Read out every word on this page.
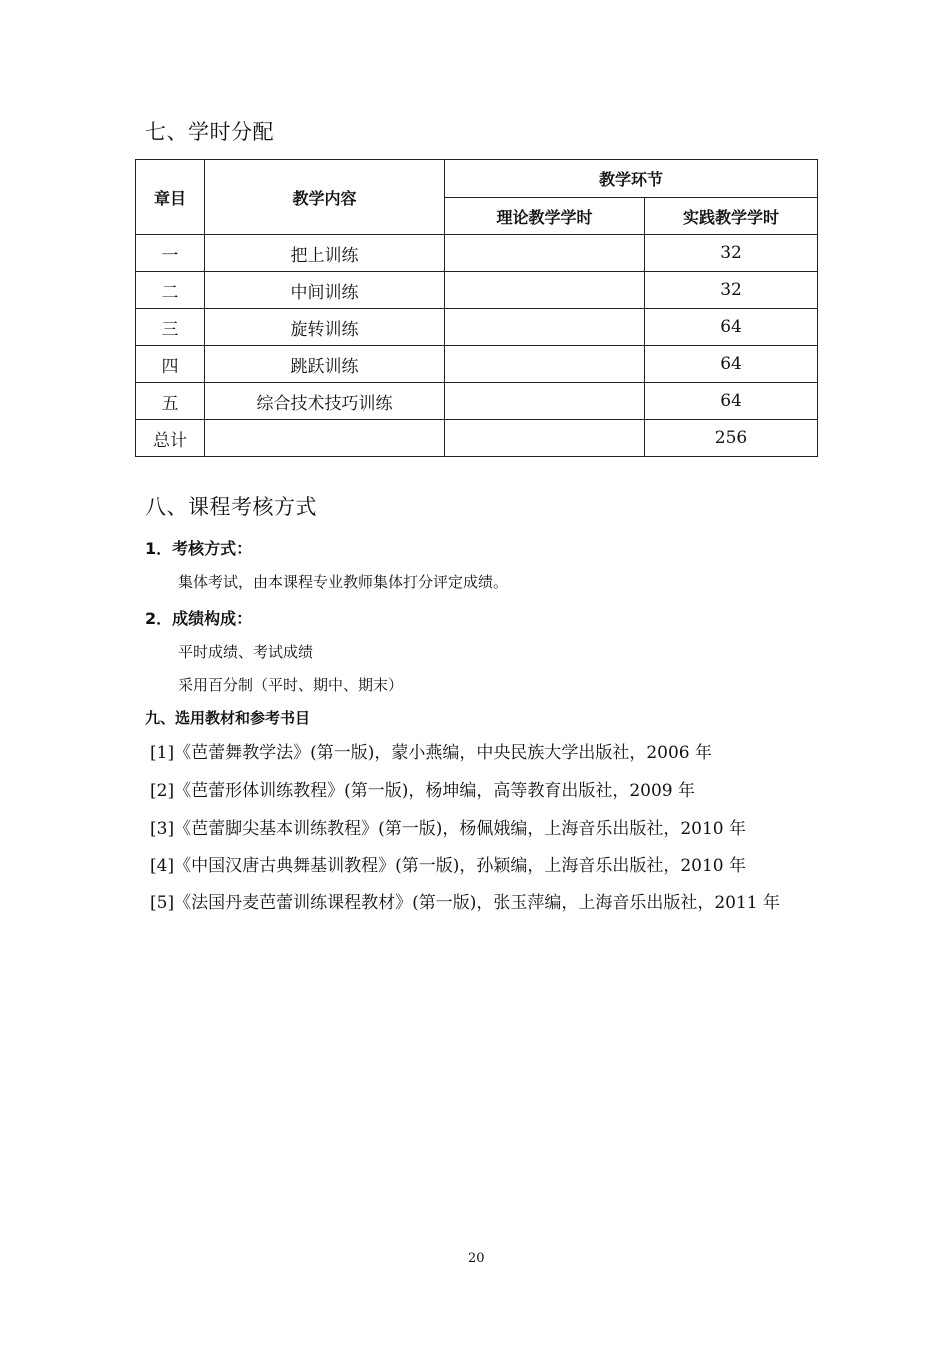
七、学时分配
章目	教学内容	教学环节	
		理论教学学时	实践教学学时
一	把上训练		32
二	中间训练		32
三	旋转训练		64
四	跳跃训练		64
五	综合技术技巧训练		64
总计			256
八、课程考核方式
1．考核方式：
集体考试，由本课程专业教师集体打分评定成绩。
2．成绩构成：
平时成绩、考试成绩
采用百分制（平时、期中、期末）
九、选用教材和参考书目
[1]《芭蕾舞教学法》(第一版)，蒙小燕编，中央民族大学出版社，2006 年
[2]《芭蕾形体训练教程》(第一版)，杨坤编，高等教育出版社，2009 年
[3]《芭蕾脚尖基本训练教程》(第一版)，杨佩娥编，上海音乐出版社，2010 年
[4]《中国汉唐古典舞基训教程》(第一版)，孙颖编，上海音乐出版社，2010 年
[5]《法国丹麦芭蕾训练课程教材》(第一版)，张玉萍编，上海音乐出版社，2011 年
20
